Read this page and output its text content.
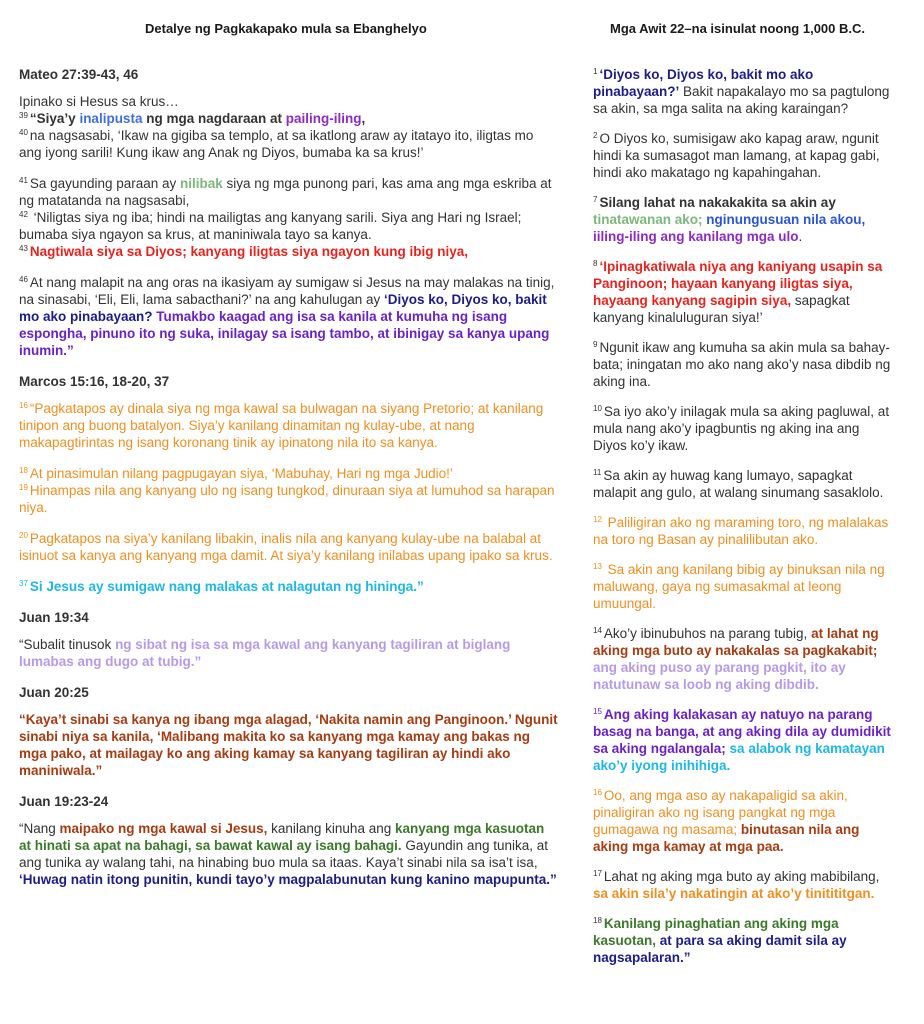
Detalye ng Pagkakapako mula sa Ebanghelyo
Mateo 27:39-43, 46
Ipinako si Hesus sa krus…
$^{39}$ “Siya’y inalipusta ng mga nagdaraan at pailing-iling,
$^{40}$ na nagsasabi, ‘Ikaw na gigiba sa templo, at sa ikatlong araw ay itatayo ito, iligtas mo ang iyong sarili! Kung ikaw ang Anak ng Diyos, bumaba ka sa krus!’
$^{41}$ Sa gayunding paraan ay nilibak siya ng mga punong pari, kas ama ang mga eskriba at ng matatanda na nagsasabi,
$^{42}$ ‘Niligtas siya ng iba; hindi na mailigtas ang kanyang sarili. Siya ang Hari ng Israel; bumaba siya ngayon sa krus, at maniniwala tayo sa kanya.
$^{43}$ Nagtiwala siya sa Diyos; kanyang iligtas siya ngayon kung ibig niya,
$^{46}$ At nang malapit na ang oras na ikasiyam ay sumigaw si Jesus na may malakas na tinig, na sinasabi, ‘Eli, Eli, lama sabacthani?’ na ang kahulugan ay ‘Diyos ko, Diyos ko, bakit mo ako pinabayaan? Tumakbo kaagad ang isa sa kanila at kumuha ng isang espongha, pinuno ito ng suka, inilagay sa isang tambo, at ibinigay sa kanya upang inumin.”
Marcos 15:16, 18-20, 37
$^{16}$ “Pagkatapos ay dinala siya ng mga kawal sa bulwagan na siyang Pretorio; at kanilang tinipon ang buong batalyon. Siya’y kanilang dinamitan ng kulay-ube, at nang makapagtirintas ng isang koronang tinik ay ipinatong nila ito sa kanya.
$^{18}$ At pinasimulan nilang pagpugayan siya, ‘Mabuhay, Hari ng mga Judio!’
$^{19}$ Hinampas nila ang kanyang ulo ng isang tungkod, dinuraan siya at lumuhod sa harapan niya.
$^{20}$ Pagkatapos na siya’y kanilang libakin, inalis nila ang kanyang kulay-ube na balabal at isinuot sa kanya ang kanyang mga damit. At siya’y kanilang inilabas upang ipako sa krus.
$^{37}$ Si Jesus ay sumigaw nang malakas at nalagutan ng hininga.”
Juan 19:34
“Subalit tinusok ng sibat ng isa sa mga kawal ang kanyang tagiliran at biglang lumabas ang dugo at tubig.”
Juan 20:25
“Kaya’t sinabi sa kanya ng ibang mga alagad, ‘Nakita namin ang Panginoon.’ Ngunit sinabi niya sa kanila, ‘Malibang makita ko sa kanyang mga kamay ang bakas ng mga pako, at mailagay ko ang aking kamay sa kanyang tagiliran ay hindi ako maniniwala.”
Juan 19:23-24
“Nang maipako ng mga kawal si Jesus, kanilang kinuha ang kanyang mga kasuotan at hinati sa apat na bahagi, sa bawat kawal ay isang bahagi. Gayundin ang tunika, at ang tunika ay walang tahi, na hinabing buo mula sa itaas. Kaya’t sinabi nila sa isa’t isa, ‘Huwag natin itong punitin, kundi tayo’y magpalabunutan kung kanino mapupunta.”
Mga Awit 22–na isinulat noong 1,000 B.C.
$^1$ ‘Diyos ko, Diyos ko, bakit mo ako pinabayaan?’ Bakit napakalayo mo sa pagtulong sa akin, sa mga salita na aking karaingan?
$^2$ O Diyos ko, sumisigaw ako kapag araw, ngunit hindi ka sumasagot man lamang, at kapag gabi, hindi ako makatago ng kapahingahan.
$^7$ Silang lahat na nakakakita sa akin ay tinatawanan ako; nginungusuan nila akou, iiling-iling ang kanilang mga ulo.
$^8$ ‘Ipinagkatiwala niya ang kaniyang usapin sa Panginoon; hayaan kanyang iligtas siya, hayaang kanyang sagipin siya, sapagkat kanyang kinaluluguran siya!’
$^9$ Ngunit ikaw ang kumuha sa akin mula sa bahay-bata; iningatan mo ako nang ako’y nasa dibdib ng aking ina.
$^{10}$ Sa iyo ako’y inilagak mula sa aking pagluwal, at mula nang ako’y ipagbuntis ng aking ina ang Diyos ko’y ikaw.
$^{11}$ Sa akin ay huwag kang lumayo, sapagkat malapit ang gulo, at walang sinumang sasaklolo.
$^{12}$ Paliligiran ako ng maraming toro, ng malalakas na toro ng Basan ay pinalilibutan ako.
$^{13}$ Sa akin ang kanilang bibig ay binuksan nila ng maluwang, gaya ng sumasakmal at leong umuungal.
$^{14}$ Ako’y ibinubuhos na parang tubig, at lahat ng aking mga buto ay nakakalas sa pagkakabit; ang aking puso ay parang pagkit, ito ay natutunaw sa loob ng aking dibdib.
$^{15}$ Ang aking kalakasan ay natuyo na parang basag na banga, at ang aking dila ay dumidikit sa aking ngalangala; sa alabok ng kamatayan ako’y iyong inihihiga.
$^{16}$ Oo, ang mga aso ay nakapaligid sa akin, pinaligiran ako ng isang pangkat ng mga gumagawa ng masama; binutasan nila ang aking mga kamay at mga paa.
$^{17}$ Lahat ng aking mga buto ay aking mabibilang, sa akin sila’y nakatingin at ako’y tinitititgan.
$^{18}$ Kanilang pinaghatian ang aking mga kasuotan, at para sa aking damit sila ay nagsapalaran.”
